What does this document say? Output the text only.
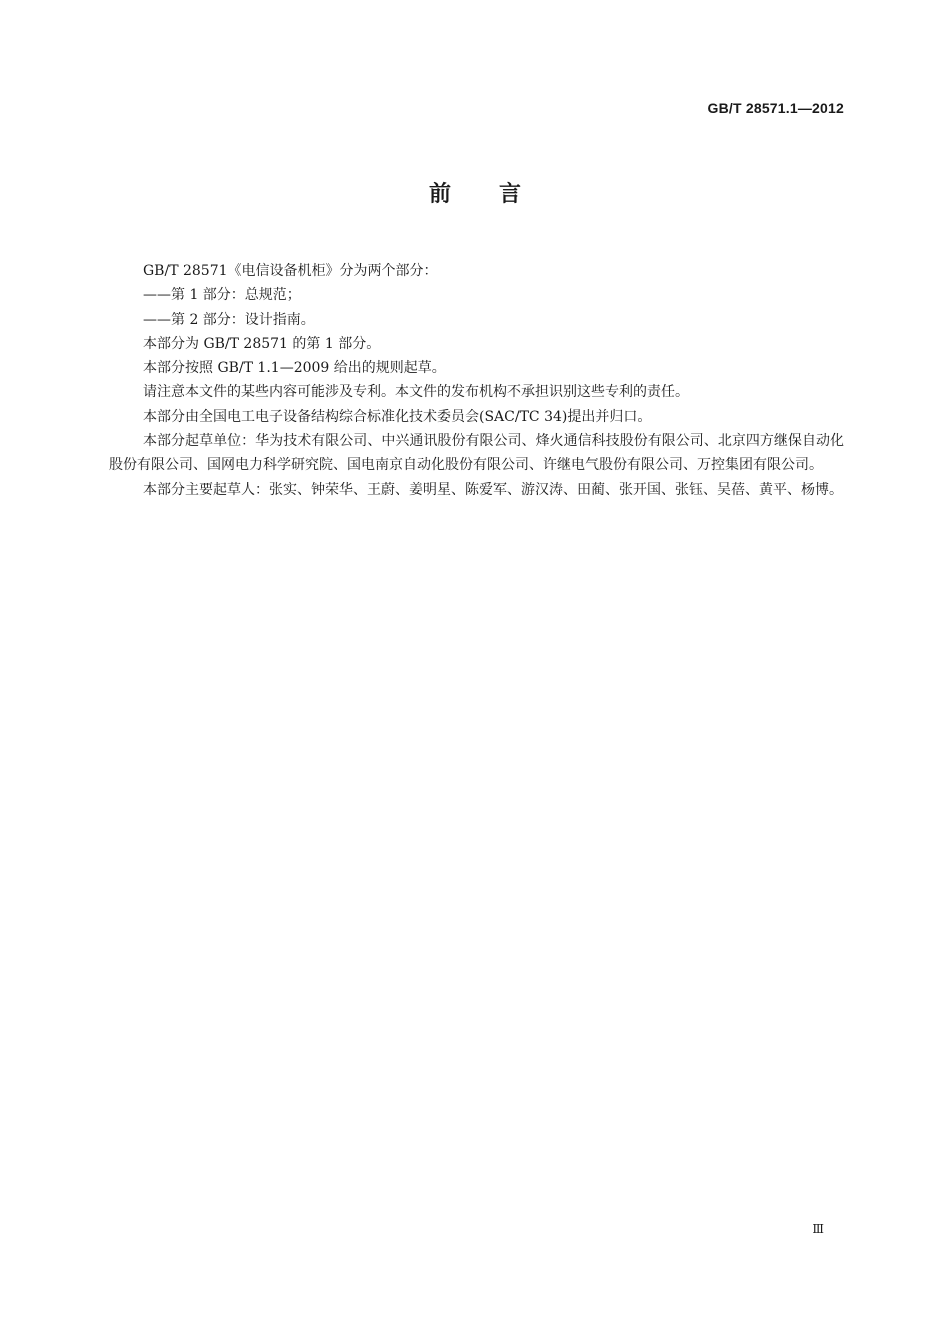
GB/T 28571.1—2012
前言

GB/T 28571《电信设备机柜》分为两个部分：

——第 1 部分：总规范；

——第 2 部分：设计指南。

本部分为 GB/T 28571 的第 1 部分。

本部分按照 GB/T 1.1—2009 给出的规则起草。

请注意本文件的某些内容可能涉及专利。本文件的发布机构不承担识别这些专利的责任。

本部分由全国电工电子设备结构综合标准化技术委员会(SAC/TC 34)提出并归口。

本部分起草单位：华为技术有限公司、中兴通讯股份有限公司、烽火通信科技股份有限公司、北京四方继保自动化股份有限公司、国网电力科学研究院、国电南京自动化股份有限公司、许继电气股份有限公司、万控集团有限公司。

本部分主要起草人：张实、钟荣华、王蔚、姜明星、陈爱军、游汉涛、田蔺、张开国、张钰、吴蓓、黄平、杨博。

Ⅲ
